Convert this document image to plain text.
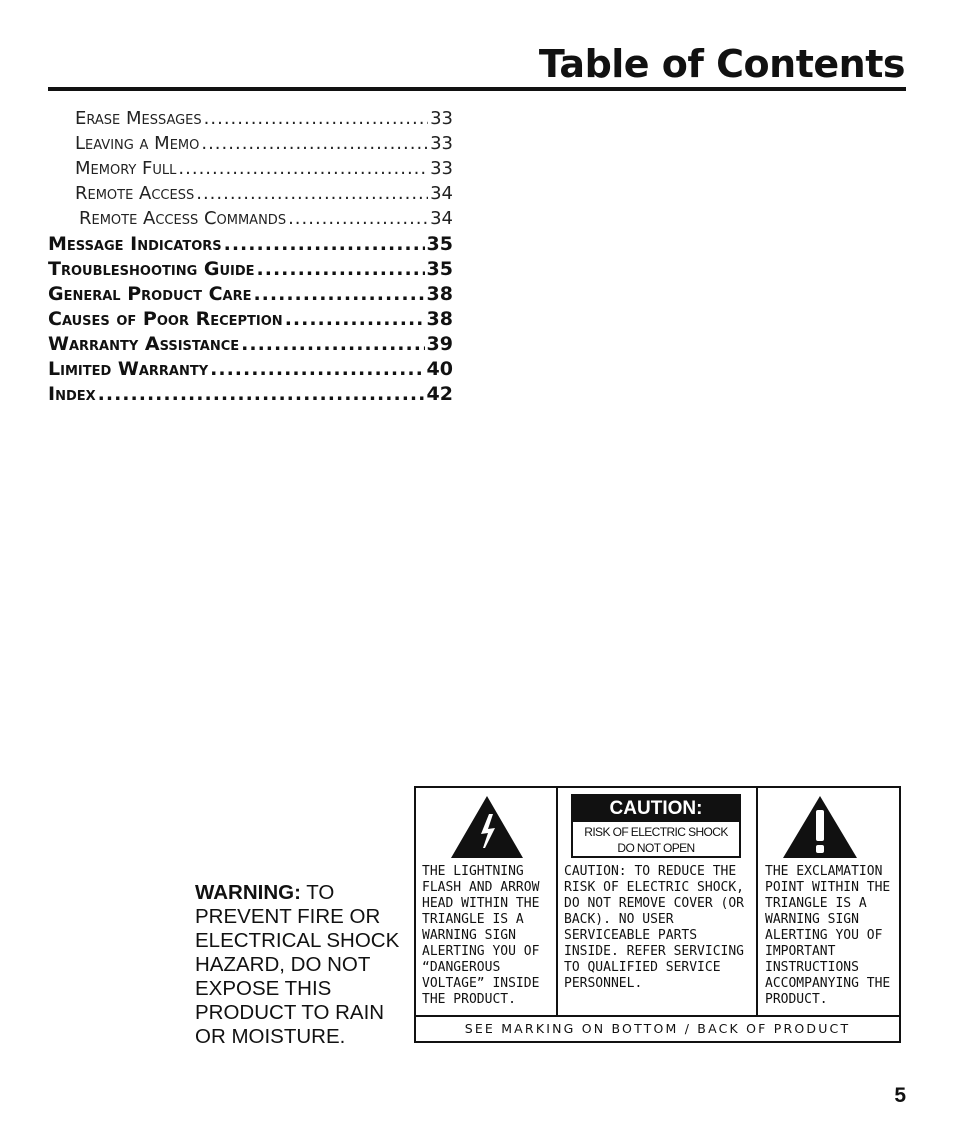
Table of Contents
Erase Messages .....	33
Leaving a Memo .....	33
Memory Full .....	33
Remote Access .....	34
Remote Access Commands .....	34
Message Indicators .....	35
Troubleshooting Guide .....	35
General Product Care .....	38
Causes of Poor Reception .....	38
Warranty Assistance .....	39
Limited Warranty .....	40
Index .....	42
WARNING: TO PREVENT FIRE OR ELECTRICAL SHOCK HAZARD, DO NOT EXPOSE THIS PRODUCT TO RAIN OR MOISTURE.
THE LIGHTNING FLASH AND ARROW HEAD WITHIN THE TRIANGLE IS A WARNING SIGN ALERTING YOU OF “DANGEROUS VOLTAGE” INSIDE THE PRODUCT.
CAUTION:
RISK OF ELECTRIC SHOCK
DO NOT OPEN
CAUTION: TO REDUCE THE RISK OF ELECTRIC SHOCK, DO NOT REMOVE COVER (OR BACK). NO USER SERVICEABLE PARTS INSIDE. REFER SERVICING TO QUALIFIED SERVICE PERSONNEL.
THE EXCLAMATION POINT WITHIN THE TRIANGLE IS A WARNING SIGN ALERTING YOU OF IMPORTANT INSTRUCTIONS ACCOMPANYING THE PRODUCT.
SEE MARKING ON BOTTOM / BACK OF PRODUCT
5
